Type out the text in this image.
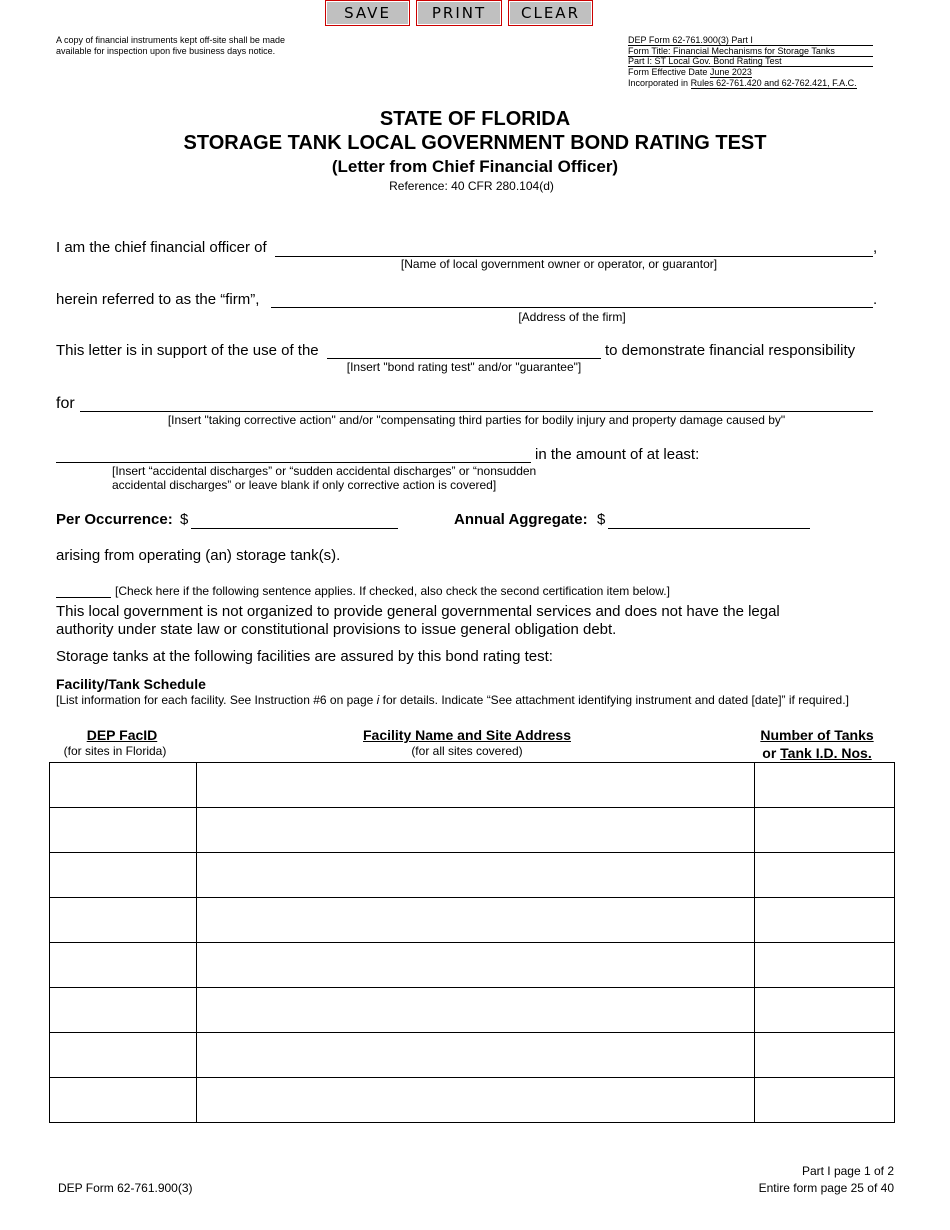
SAVE	PRINT	CLEAR
A copy of financial instruments kept off-site shall be made
available for inspection upon five business days notice.
DEP Form 62-761.900(3) Part I
Form Title: Financial Mechanisms for Storage Tanks
Part I: ST Local Gov. Bond Rating Test
Form Effective Date June 2023
Incorporated in Rules 62-761.420 and 62-762.421, F.A.C.
STATE OF FLORIDA
STORAGE TANK LOCAL GOVERNMENT BOND RATING TEST
(Letter from Chief Financial Officer)
Reference: 40 CFR 280.104(d)
I am the chief financial officer of	,
[Name of local government owner or operator, or guarantor]
herein referred to as the “firm”,	.
[Address of the firm]
This letter is in support of the use of the	to demonstrate financial responsibility
[Insert "bond rating test" and/or "guarantee"]
for
[Insert "taking corrective action" and/or "compensating third parties for bodily injury and property damage caused by"
in the amount of at least:
[Insert “accidental discharges” or “sudden accidental discharges” or “nonsudden
accidental discharges” or leave blank if only corrective action is covered]
Per Occurrence: $	Annual Aggregate: $
arising from operating (an) storage tank(s).
[Check here if the following sentence applies. If checked, also check the second certification item below.]
This local government is not organized to provide general governmental services and does not have the legal
authority under state law or constitutional provisions to issue general obligation debt.
Storage tanks at the following facilities are assured by this bond rating test:
Facility/Tank Schedule
[List information for each facility. See Instruction #6 on page i for details. Indicate “See attachment identifying instrument and dated [date]” if required.]
DEP FacID
(for sites in Florida)
Facility Name and Site Address
(for all sites covered)
Number of Tanks
or Tank I.D. Nos.

DEP Form 62-761.900(3)
Part I page 1 of 2
Entire form page 25 of 40
